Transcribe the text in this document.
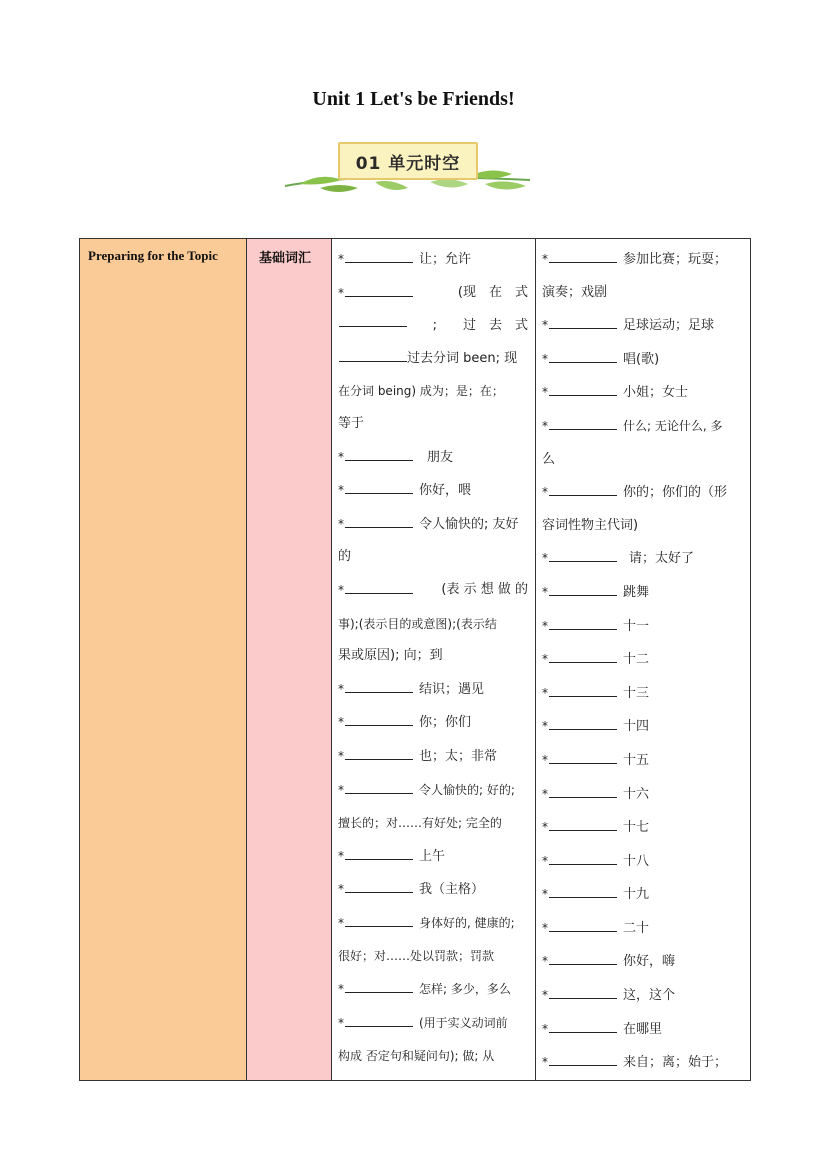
Unit 1 Let's be Friends!
01 单元时空
Preparing for the Topic	基础词汇	*	让；允许
*	(现　在　式
;　　过　去　式
过去分词 been; 现
在分词 being) 成为；是；在；
等于
*	朋友
*	你好，喂
*	令人愉快的; 友好
的
*	(表 示 想 做 的
事);(表示目的或意图);(表示结
果或原因); 向；到
*	结识；遇见
*	你；你们
*	也；太；非常
*	令人愉快的; 好的;
擅长的；对……有好处; 完全的
*	上午
*	我（主格）
*	身体好的, 健康的;
很好；对……处以罚款；罚款
*	怎样; 多少，多么
*	(用于实义动词前
构成 否定句和疑问句); 做; 从

*	参加比赛；玩耍；
演奏；戏剧
*	足球运动；足球
*	唱(歌)
*	小姐；女士
*	什么; 无论什么, 多
么
*	你的；你们的（形
容词性物主代词)
*	请；太好了
*	跳舞
*	十一
*	十二
*	十三
*	十四
*	十五
*	十六
*	十七
*	十八
*	十九
*	二十
*	你好，嗨
*	这，这个
*	在哪里
*	来自；离；始于；
